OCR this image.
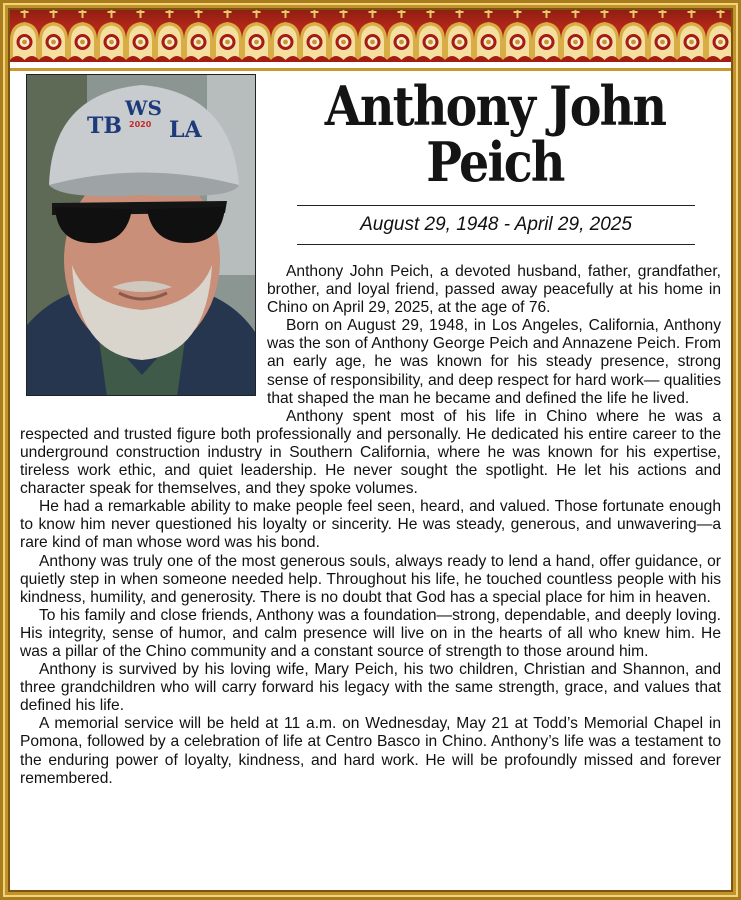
TB
WS
2020 LA	Anthony John
Peich
August 29, 1948 - April 29, 2025

Anthony John Peich, a devoted husband, father, grandfather, brother, and loyal friend, passed away peacefully at his home in Chino on April 29, 2025, at the age of 76.

Born on August 29, 1948, in Los Angeles, California, Anthony was the son of Anthony George Peich and Annazene Peich. From an early age, he was known for his steady presence, strong sense of responsibility, and deep respect for hard work— qualities that shaped the man he became and defined the life he lived.

Anthony spent most of his life in Chino where he was a respected and trusted figure both professionally and personally. He dedicated his entire career to the underground construction industry in Southern California, where he was known for his expertise, tireless work ethic, and quiet leadership. He never sought the spotlight. He let his actions and character speak for themselves, and they spoke volumes.

He had a remarkable ability to make people feel seen, heard, and valued. Those fortunate enough to know him never questioned his loyalty or sincerity. He was steady, generous, and unwavering—a rare kind of man whose word was his bond.

Anthony was truly one of the most generous souls, always ready to lend a hand, offer guidance, or quietly step in when someone needed help. Throughout his life, he touched countless people with his kindness, humility, and generosity. There is no doubt that God has a special place for him in heaven.

To his family and close friends, Anthony was a foundation—strong, dependable, and deeply loving. His integrity, sense of humor, and calm presence will live on in the hearts of all who knew him. He was a pillar of the Chino community and a constant source of strength to those around him.

Anthony is survived by his loving wife, Mary Peich, his two children, Christian and Shannon, and three grandchildren who will carry forward his legacy with the same strength, grace, and values that defined his life.

A memorial service will be held at 11 a.m. on Wednesday, May 21 at Todd’s Memorial Chapel in Pomona, followed by a celebration of life at Centro Basco in Chino. Anthony’s life was a testament to the enduring power of loyalty, kindness, and hard work. He will be profoundly missed and forever remembered.
